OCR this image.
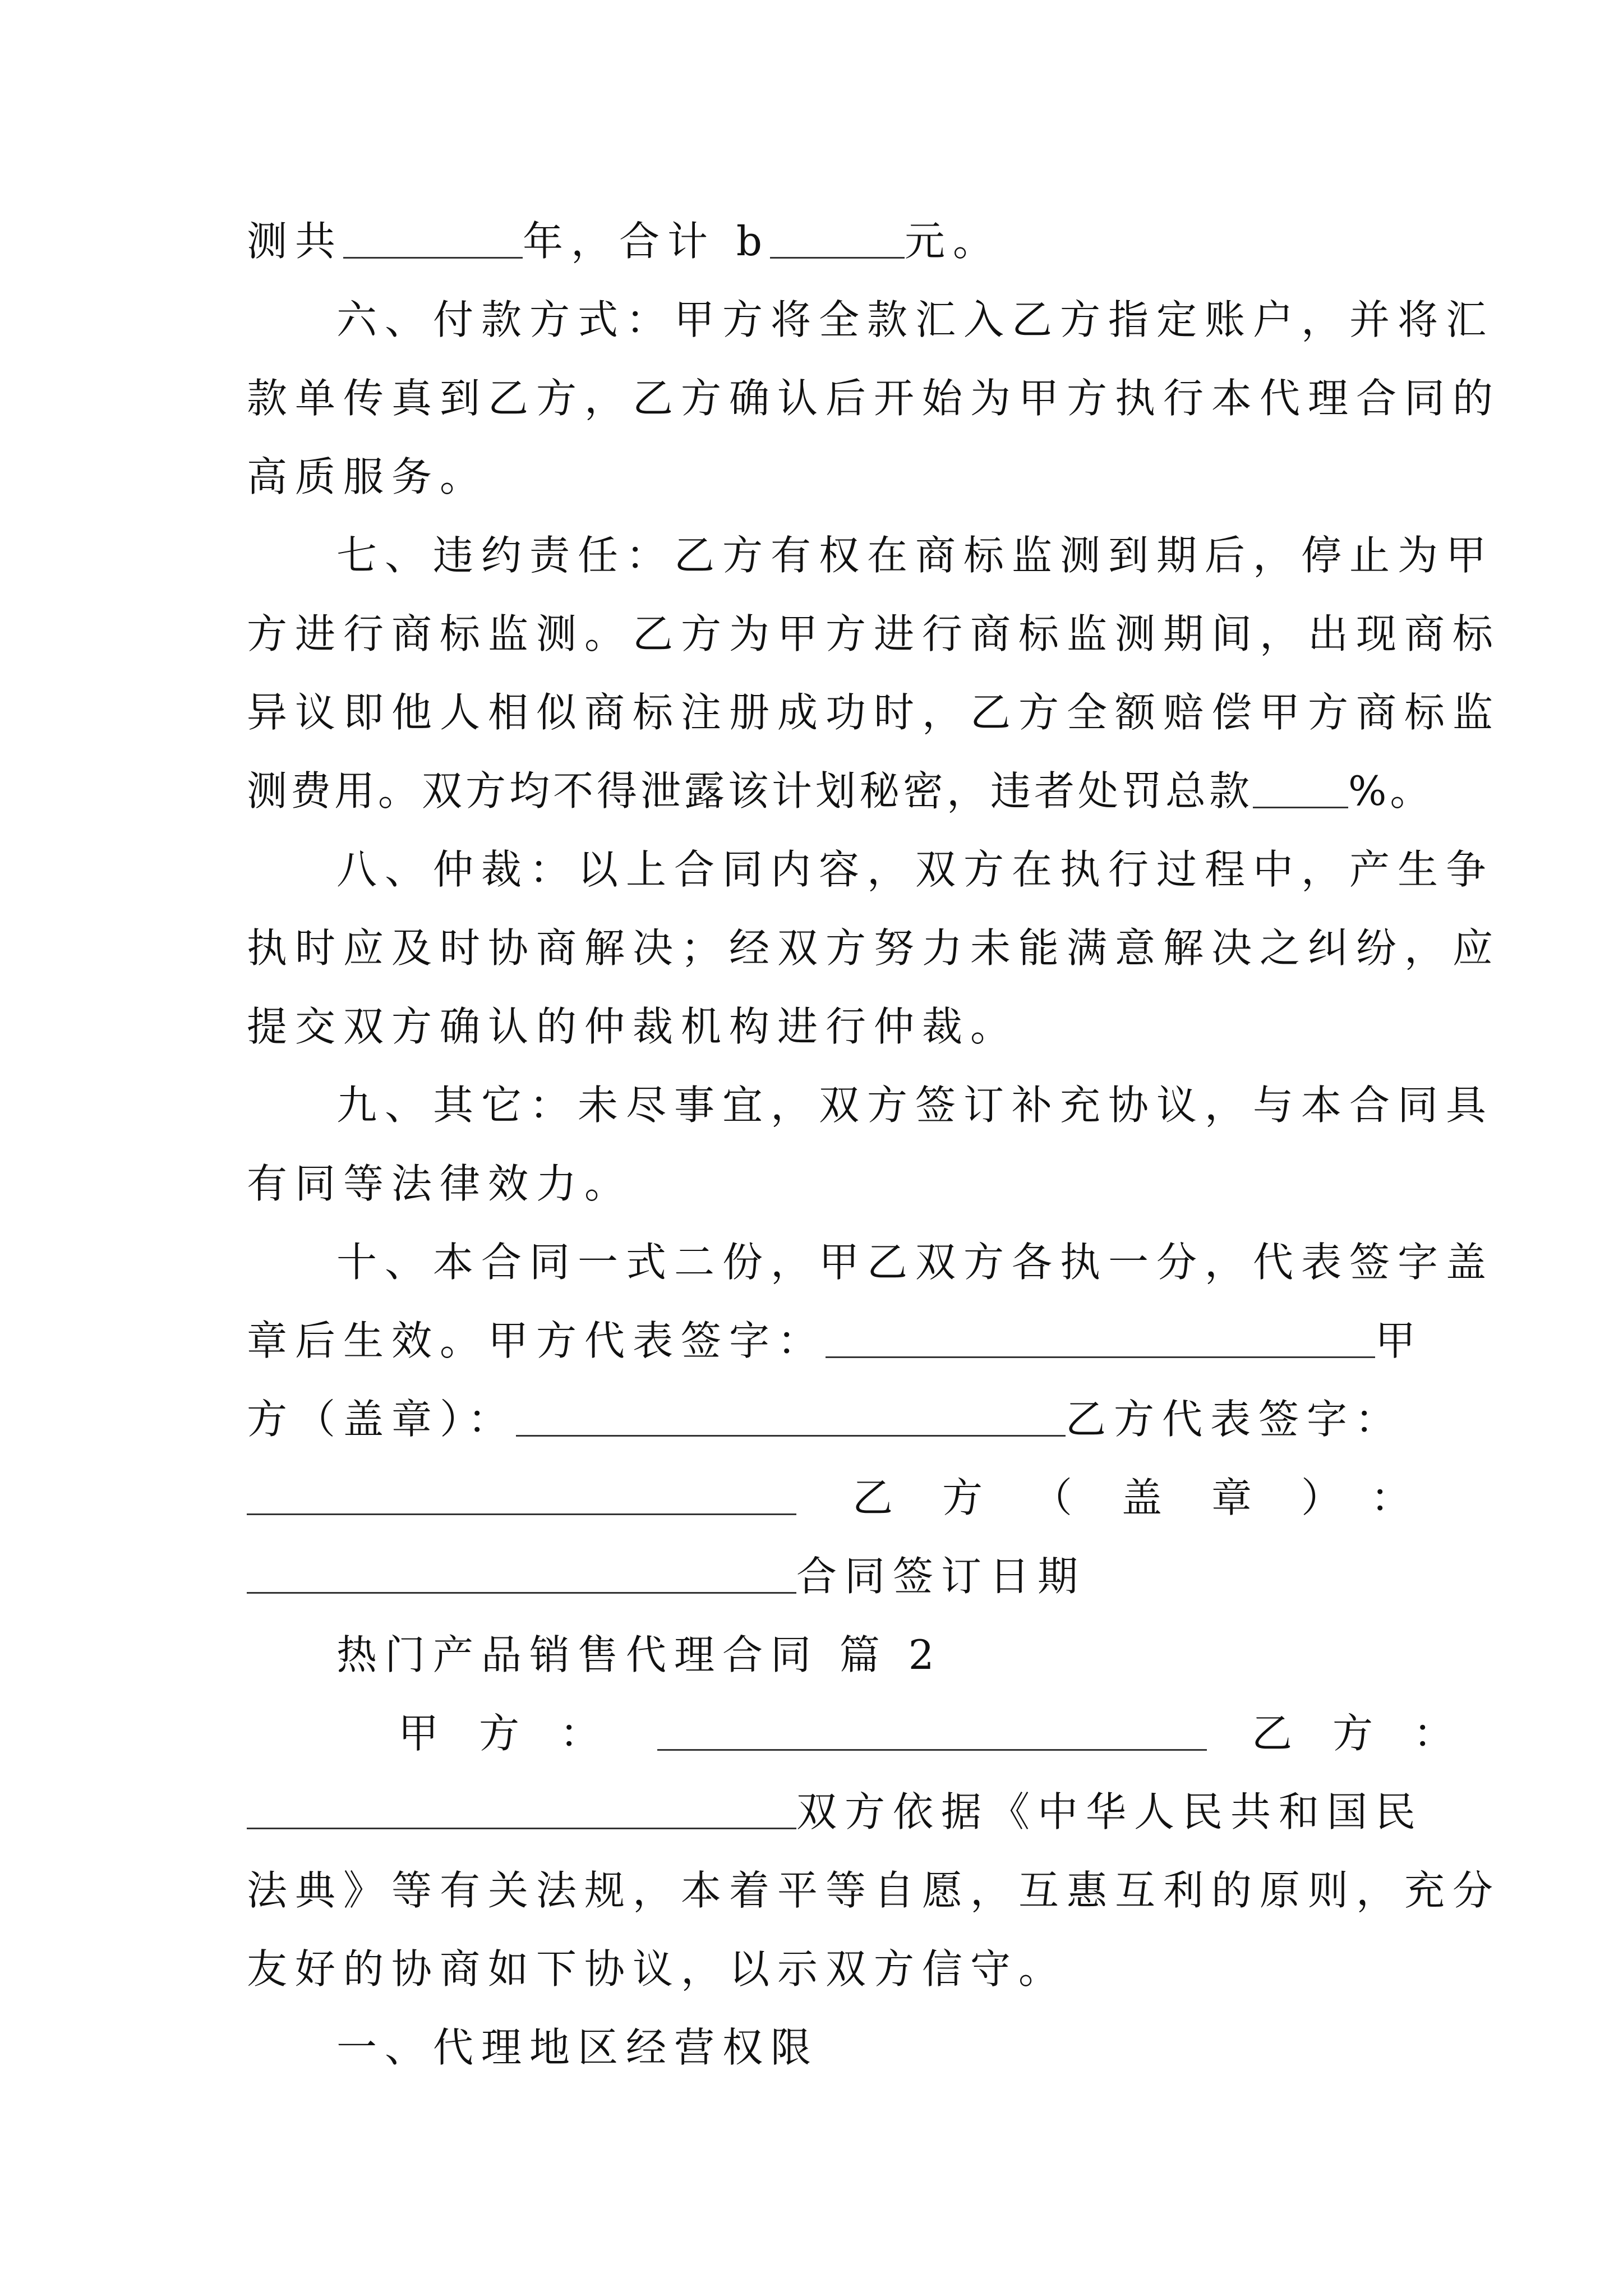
测共	年，合计 b	元。
六、付款方式：甲方将全款汇入乙方指定账户，并将汇
款单传真到乙方，乙方确认后开始为甲方执行本代理合同的
高质服务。
七、违约责任：乙方有权在商标监测到期后，停止为甲
方进行商标监测。乙方为甲方进行商标监测期间，出现商标
异议即他人相似商标注册成功时，乙方全额赔偿甲方商标监
测费用。双方均不得泄露该计划秘密，违者处罚总款 %。
八、仲裁：以上合同内容，双方在执行过程中，产生争
执时应及时协商解决；经双方努力未能满意解决之纠纷，应
提交双方确认的仲裁机构进行仲裁。
九、其它：未尽事宜，双方签订补充协议，与本合同具
有同等法律效力。
十、本合同一式二份，甲乙双方各执一分，代表签字盖
章后生效。甲方代表签字：	甲
方（盖章）：	乙方代表签字：
乙方（盖章）：
合同签订日期
热门产品销售代理合同 篇 2
甲方：	乙方：
双方依据《中华人民共和国民
法典》等有关法规，本着平等自愿，互惠互利的原则，充分
友好的协商如下协议，以示双方信守。
一、代理地区经营权限
